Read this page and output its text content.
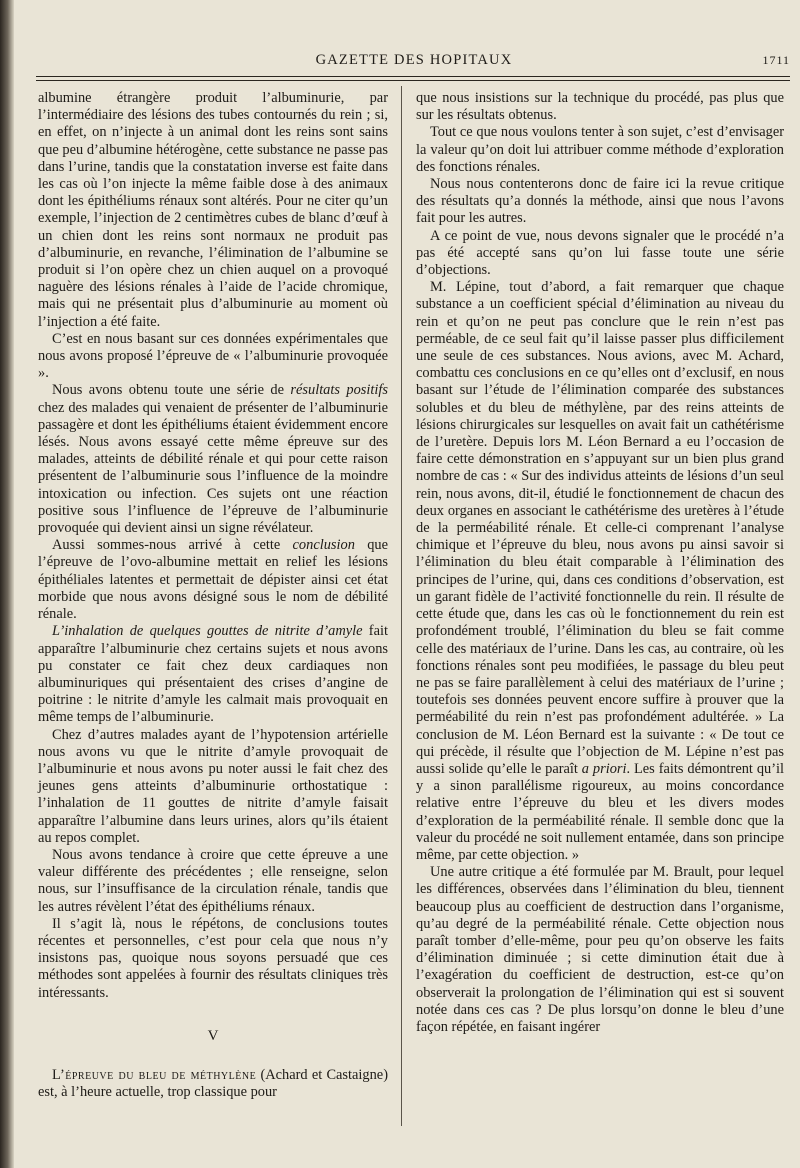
GAZETTE DES HOPITAUX	1711

albumine étrangère produit l’albuminurie, par l’intermédiaire des lésions des tubes contournés du rein ; si, en effet, on n’injecte à un animal dont les reins sont sains que peu d’albumine hétérogène, cette substance ne passe pas dans l’urine, tandis que la constatation inverse est faite dans les cas où l’on injecte la même faible dose à des animaux dont les épithéliums rénaux sont altérés. Pour ne citer qu’un exemple, l’injection de 2 centimètres cubes de blanc d’œuf à un chien dont les reins sont normaux ne produit pas d’albuminurie, en revanche, l’élimination de l’albumine se produit si l’on opère chez un chien auquel on a provoqué naguère des lésions rénales à l’aide de l’acide chromique, mais qui ne présentait plus d’albuminurie au moment où l’injection a été faite.

C’est en nous basant sur ces données expérimentales que nous avons proposé l’épreuve de « l’albuminurie provoquée ».

Nous avons obtenu toute une série de résultats positifs chez des malades qui venaient de présenter de l’albuminurie passagère et dont les épithéliums étaient évidemment encore lésés. Nous avons essayé cette même épreuve sur des malades, atteints de débilité rénale et qui pour cette raison présentent de l’albuminurie sous l’influence de la moindre intoxication ou infection. Ces sujets ont une réaction positive sous l’influence de l’épreuve de l’albuminurie provoquée qui devient ainsi un signe révélateur.

Aussi sommes-nous arrivé à cette conclusion que l’épreuve de l’ovo-albumine mettait en relief les lésions épithéliales latentes et permettait de dépister ainsi cet état morbide que nous avons désigné sous le nom de débilité rénale.

L’inhalation de quelques gouttes de nitrite d’amyle fait apparaître l’albuminurie chez certains sujets et nous avons pu constater ce fait chez deux cardiaques non albuminuriques qui présentaient des crises d’angine de poitrine : le nitrite d’amyle les calmait mais provoquait en même temps de l’albuminurie.

Chez d’autres malades ayant de l’hypotension artérielle nous avons vu que le nitrite d’amyle provoquait de l’albuminurie et nous avons pu noter aussi le fait chez des jeunes gens atteints d’albuminurie orthostatique : l’inhalation de 11 gouttes de nitrite d’amyle faisait apparaître l’albumine dans leurs urines, alors qu’ils étaient au repos complet.

Nous avons tendance à croire que cette épreuve a une valeur différente des précédentes ; elle renseigne, selon nous, sur l’insuffisance de la circulation rénale, tandis que les autres révèlent l’état des épithéliums rénaux.

Il s’agit là, nous le répétons, de conclusions toutes récentes et personnelles, c’est pour cela que nous n’y insistons pas, quoique nous soyons persuadé que ces méthodes sont appelées à fournir des résultats cliniques très intéressants.

V

L’épreuve du bleu de méthylène (Achard et Castaigne) est, à l’heure actuelle, trop classique pour

que nous insistions sur la technique du procédé, pas plus que sur les résultats obtenus.

Tout ce que nous voulons tenter à son sujet, c’est d’envisager la valeur qu’on doit lui attribuer comme méthode d’exploration des fonctions rénales.

Nous nous contenterons donc de faire ici la revue critique des résultats qu’a donnés la méthode, ainsi que nous l’avons fait pour les autres.

A ce point de vue, nous devons signaler que le procédé n’a pas été accepté sans qu’on lui fasse toute une série d’objections.

M. Lépine, tout d’abord, a fait remarquer que chaque substance a un coefficient spécial d’élimination au niveau du rein et qu’on ne peut pas conclure que le rein n’est pas perméable, de ce seul fait qu’il laisse passer plus difficilement une seule de ces substances. Nous avions, avec M. Achard, combattu ces conclusions en ce qu’elles ont d’exclusif, en nous basant sur l’étude de l’élimination comparée des substances solubles et du bleu de méthylène, par des reins atteints de lésions chirurgicales sur lesquelles on avait fait un cathétérisme de l’uretère. Depuis lors M. Léon Bernard a eu l’occasion de faire cette démonstration en s’appuyant sur un bien plus grand nombre de cas : « Sur des individus atteints de lésions d’un seul rein, nous avons, dit-il, étudié le fonctionnement de chacun des deux organes en associant le cathétérisme des uretères à l’étude de la perméabilité rénale. Et celle-ci comprenant l’analyse chimique et l’épreuve du bleu, nous avons pu ainsi savoir si l’élimination du bleu était comparable à l’élimination des principes de l’urine, qui, dans ces conditions d’observation, est un garant fidèle de l’activité fonctionnelle du rein. Il résulte de cette étude que, dans les cas où le fonctionnement du rein est profondément troublé, l’élimination du bleu se fait comme celle des matériaux de l’urine. Dans les cas, au contraire, où les fonctions rénales sont peu modifiées, le passage du bleu peut ne pas se faire parallèlement à celui des matériaux de l’urine ; toutefois ses données peuvent encore suffire à prouver que la perméabilité du rein n’est pas profondément adultérée. » La conclusion de M. Léon Bernard est la suivante : « De tout ce qui précède, il résulte que l’objection de M. Lépine n’est pas aussi solide qu’elle le paraît a priori. Les faits démontrent qu’il y a sinon parallélisme rigoureux, au moins concordance relative entre l’épreuve du bleu et les divers modes d’exploration de la perméabilité rénale. Il semble donc que la valeur du procédé ne soit nullement entamée, dans son principe même, par cette objection. »

Une autre critique a été formulée par M. Brault, pour lequel les différences, observées dans l’élimination du bleu, tiennent beaucoup plus au coefficient de destruction dans l’organisme, qu’au degré de la perméabilité rénale. Cette objection nous paraît tomber d’elle-même, pour peu qu’on observe les faits d’élimination diminuée ; si cette diminution était due à l’exagération du coefficient de destruction, est-ce qu’on observerait la prolongation de l’élimination qui est si souvent notée dans ces cas ? De plus lorsqu’on donne le bleu d’une façon répétée, en faisant ingérer
